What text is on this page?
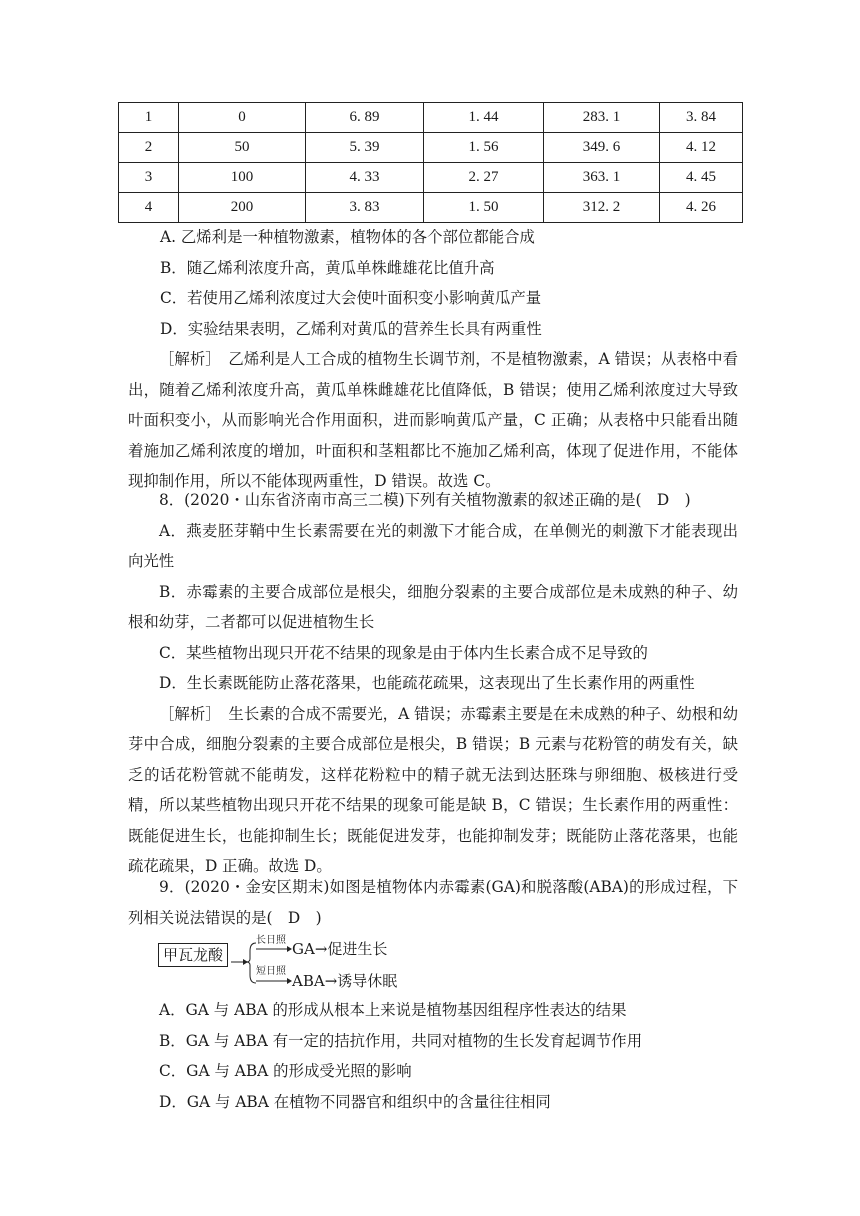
1	0	6. 89	1. 44	283. 1	3. 84
2	50	5. 39	1. 56	349. 6	4. 12
3	100	4. 33	2. 27	363. 1	4. 45
4	200	3. 83	1. 50	312. 2	4. 26

A. 乙烯利是一种植物激素，植物体的各个部位都能合成

B．随乙烯利浓度升高，黄瓜单株雌雄花比值升高

C．若使用乙烯利浓度过大会使叶面积变小影响黄瓜产量

D．实验结果表明，乙烯利对黄瓜的营养生长具有两重性

［解析］　乙烯利是人工合成的植物生长调节剂，不是植物激素，A 错误；从表格中看出，随着乙烯利浓度升高，黄瓜单株雌雄花比值降低，B 错误；使用乙烯利浓度过大导致叶面积变小，从而影响光合作用面积，进而影响黄瓜产量，C 正确；从表格中只能看出随着施加乙烯利浓度的增加，叶面积和茎粗都比不施加乙烯利高，体现了促进作用，不能体现抑制作用，所以不能体现两重性，D 错误。故选 C。

8．(2020・山东省济南市高三二模)下列有关植物激素的叙述正确的是(　D　)

A．燕麦胚芽鞘中生长素需要在光的刺激下才能合成，在单侧光的刺激下才能表现出向光性

B．赤霉素的主要合成部位是根尖，细胞分裂素的主要合成部位是未成熟的种子、幼根和幼芽，二者都可以促进植物生长

C．某些植物出现只开花不结果的现象是由于体内生长素合成不足导致的

D．生长素既能防止落花落果，也能疏花疏果，这表现出了生长素作用的两重性

［解析］　生长素的合成不需要光，A 错误；赤霉素主要是在未成熟的种子、幼根和幼芽中合成，细胞分裂素的主要合成部位是根尖，B 错误；B 元素与花粉管的萌发有关，缺乏的话花粉管就不能萌发，这样花粉粒中的精子就无法到达胚珠与卵细胞、极核进行受精，所以某些植物出现只开花不结果的现象可能是缺 B，C 错误；生长素作用的两重性：既能促进生长，也能抑制生长；既能促进发芽，也能抑制发芽；既能防止落花落果，也能疏花疏果，D 正确。故选 D。

9．(2020・金安区期末)如图是植物体内赤霉素(GA)和脱落酸(ABA)的形成过程，下列相关说法错误的是(　D　)

甲瓦龙酸
长日照
短日照
GA→促进生长
ABA→诱导休眠

A．GA 与 ABA 的形成从根本上来说是植物基因组程序性表达的结果

B．GA 与 ABA 有一定的拮抗作用，共同对植物的生长发育起调节作用

C．GA 与 ABA 的形成受光照的影响

D．GA 与 ABA 在植物不同器官和组织中的含量往往相同
